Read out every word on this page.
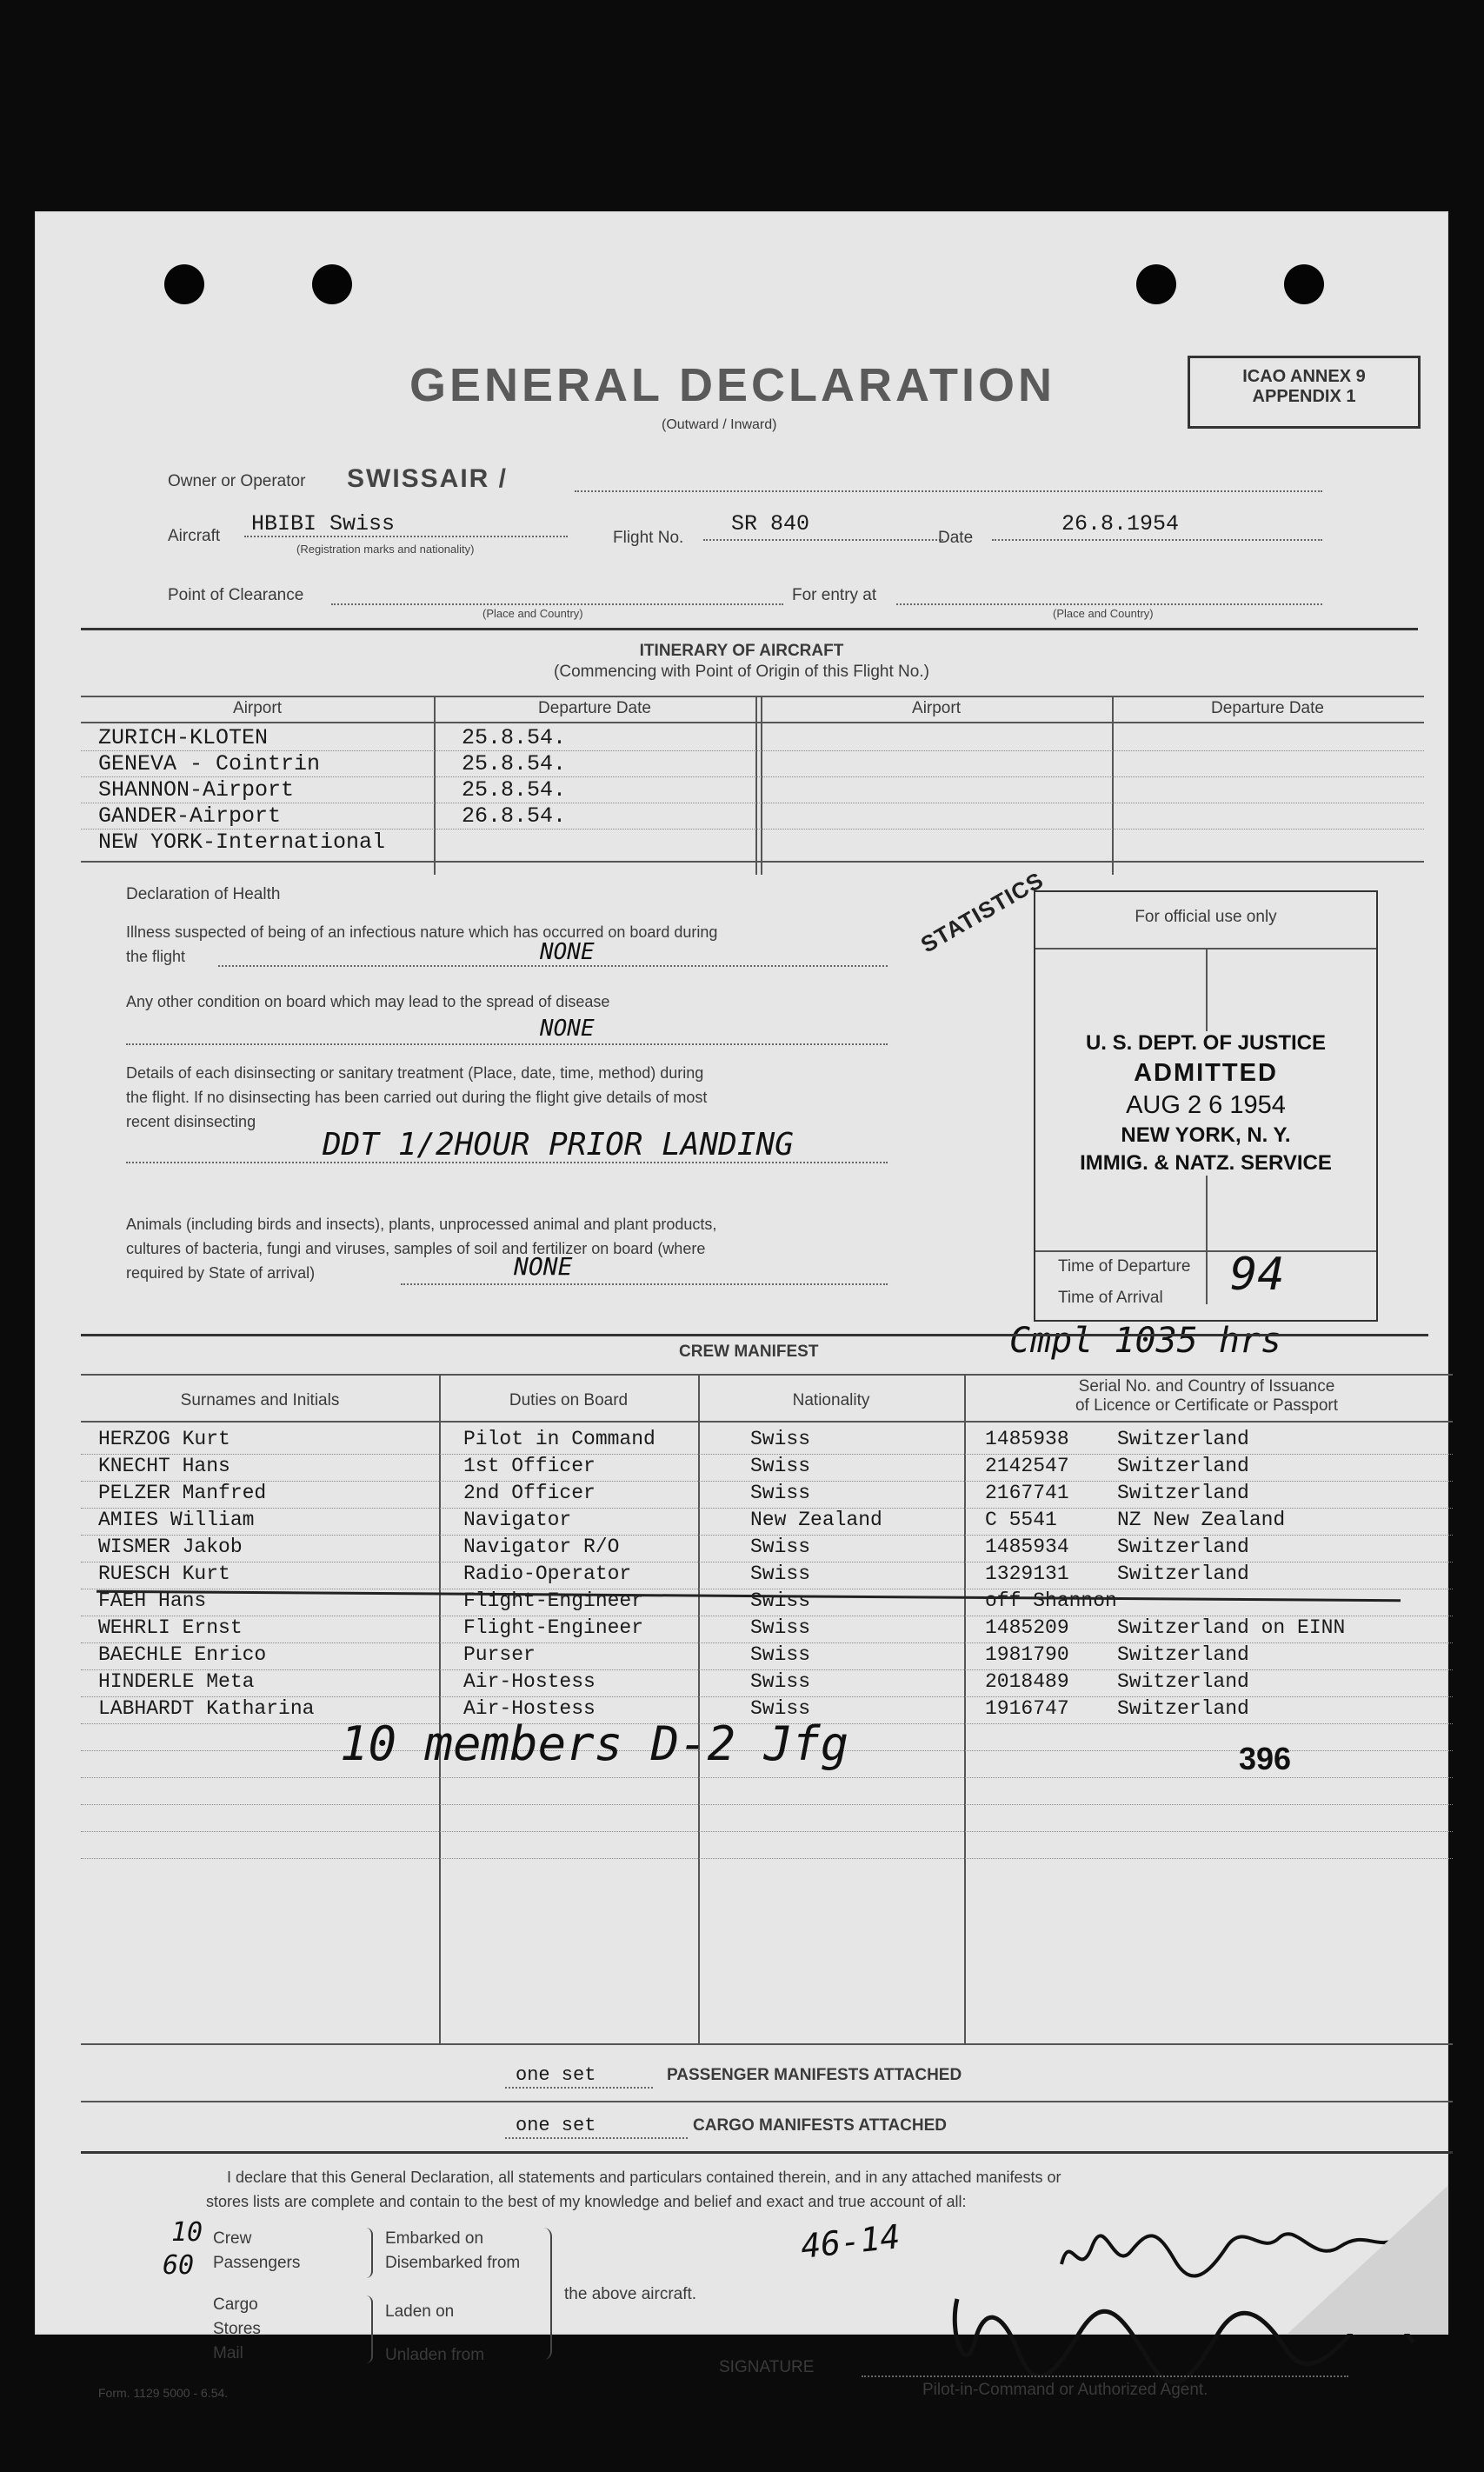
GENERAL DECLARATION
(Outward / Inward)
ICAO ANNEX 9
APPENDIX 1
Owner or Operator SWISSAIR /
Aircraft HBIBI Swiss
(Registration marks and nationality)
Flight No.
SR 840
Date
26.8.1954
Point of Clearance
(Place and Country)
For entry at
(Place and Country)
ITINERARY OF AIRCRAFT
(Commencing with Point of Origin of this Flight No.)
Airport	Departure Date	Airport	Departure Date
ZURICH-KLOTEN	25.8.54.
GENEVA - Cointrin	25.8.54.
SHANNON-Airport	25.8.54.
GANDER-Airport	26.8.54.
NEW YORK-International
STATISTICS
Declaration of Health
Illness suspected of being of an infectious nature which has occurred on board during
the flight	NONE
Any other condition on board which may lead to the spread of disease
NONE
Details of each disinsecting or sanitary treatment (Place, date, time, method) during
the flight. If no disinsecting has been carried out during the flight give details of most
recent disinsecting
DDT 1/2HOUR PRIOR LANDING
Animals (including birds and insects), plants, unprocessed animal and plant products,
cultures of bacteria, fungi and viruses, samples of soil and fertilizer on board (where
required by State of arrival)	NONE
For official use only
U. S. DEPT. OF JUSTICE
ADMITTED
AUG 2 6 1954
NEW YORK, N. Y.
IMMIG. & NATZ. SERVICE
Time of Departure
Time of Arrival 94
Cmpl 1035 hrs
CREW MANIFEST
Surnames and Initials	Duties on Board	Nationality
Serial No. and Country of Issuance
of Licence or Certificate or Passport
HERZOG Kurt	Pilot in Command	Swiss	1485938 Switzerland
KNECHT Hans	1st Officer	Swiss	2142547 Switzerland
PELZER Manfred	2nd Officer	Swiss	2167741 Switzerland
AMIES William	Navigator	New Zealand	C 5541	NZ New Zealand
WISMER Jakob	Navigator R/O	Swiss	1485934 Switzerland
RUESCH Kurt	Radio-Operator	Swiss	1329131 Switzerland
FAEH Hans	Flight-Engineer	Swiss	off Shannon
WEHRLI Ernst	Flight-Engineer	Swiss	1485209 Switzerland on EINN
BAECHLE Enrico	Purser	Swiss	1981790 Switzerland
HINDERLE Meta	Air-Hostess	Swiss	2018489 Switzerland
LABHARDT Katharina	Air-Hostess	Swiss	1916747 Switzerland
10 members D-2 Jfg	396
one set	PASSENGER MANIFESTS ATTACHED
one set	CARGO MANIFESTS ATTACHED
I declare that this General Declaration, all statements and particulars contained therein, and in any attached manifests or
stores lists are complete and contain to the best of my knowledge and belief and exact and true account of all:
10
60
Crew
Passengers
Embarked on
Disembarked from
Cargo
Stores
Mail
Laden on
Unladen from
the above aircraft.
46-14
SIGNATURE
Pilot-in-Command or Authorized Agent.
Form. 1129 5000 - 6.54.
